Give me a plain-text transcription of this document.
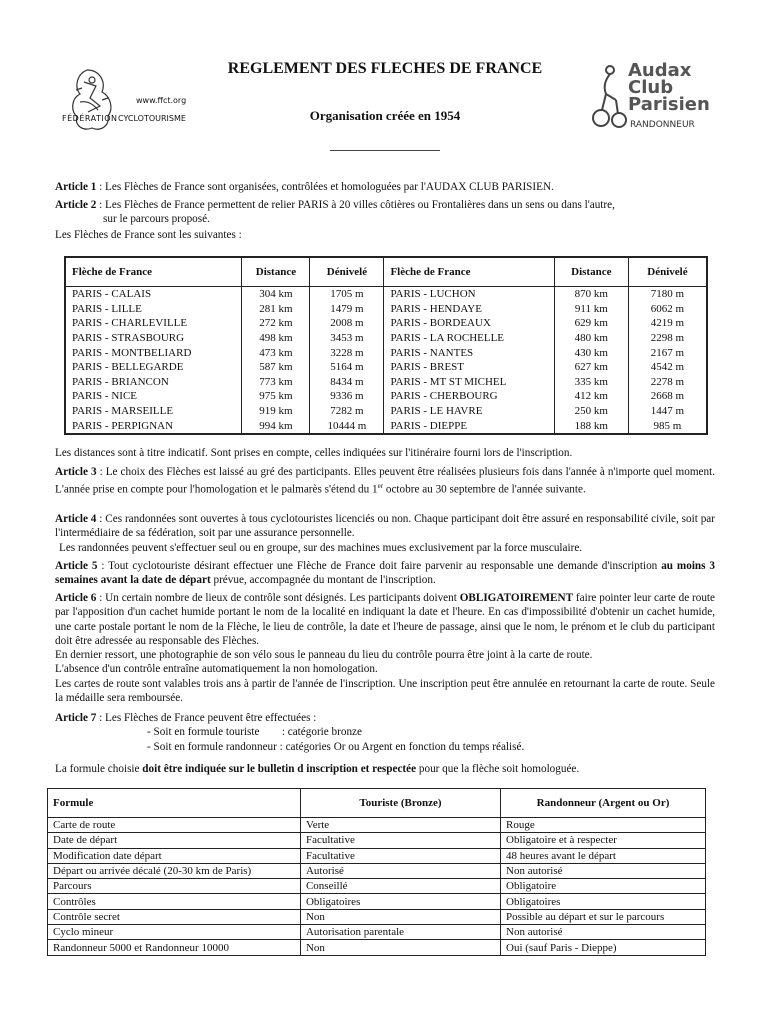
www.ffct.org
FÉDÉRATION CYCLOTOURISME
REGLEMENT DES FLECHES DE FRANCE
Organisation créée en 1954
Audax
Club
Parisien
RANDONNEUR
Article 1 : Les Flèches de France sont organisées, contrôlées et homologuées par l'AUDAX CLUB PARISIEN.
Article 2 : Les Flèches de France permettent de relier PARIS à 20 villes côtières ou Frontalières dans un sens ou dans l'autre,
sur le parcours proposé.
Les Flèches de France sont les suivantes :
Flèche de France	Distance	Dénivelé	Flèche de France	Distance	Dénivelé
PARIS - CALAIS	304 km	1705 m	PARIS - LUCHON	870 km	7180 m
PARIS - LILLE	281 km	1479 m	PARIS - HENDAYE	911 km	6062 m
PARIS - CHARLEVILLE	272 km	2008 m	PARIS - BORDEAUX	629 km	4219 m
PARIS - STRASBOURG	498 km	3453 m	PARIS - LA ROCHELLE	480 km	2298 m
PARIS - MONTBELIARD	473 km	3228 m	PARIS - NANTES	430 km	2167 m
PARIS - BELLEGARDE	587 km	5164 m	PARIS - BREST	627 km	4542 m
PARIS - BRIANCON	773 km	8434 m	PARIS - MT ST MICHEL	335 km	2278 m
PARIS - NICE	975 km	9336 m	PARIS - CHERBOURG	412 km	2668 m
PARIS - MARSEILLE	919 km	7282 m	PARIS - LE HAVRE	250 km	1447 m
PARIS - PERPIGNAN	994 km	10444 m	PARIS - DIEPPE	188 km	985 m
Les distances sont à titre indicatif. Sont prises en compte, celles indiquées sur l'itinéraire fourni lors de l'inscription.
Article 3 : Le choix des Flèches est laissé au gré des participants. Elles peuvent être réalisées plusieurs fois dans l'année à n'importe quel moment. L'année prise en compte pour l'homologation et le palmarès s'étend du 1er octobre au 30 septembre de l'année suivante.
Article 4 : Ces randonnées sont ouvertes à tous cyclotouristes licenciés ou non. Chaque participant doit être assuré en responsabilité civile, soit par l'intermédiaire de sa fédération, soit par une assurance personnelle.
Les randonnées peuvent s'effectuer seul ou en groupe, sur des machines mues exclusivement par la force musculaire.
Article 5 : Tout cyclotouriste désirant effectuer une Flèche de France doit faire parvenir au responsable une demande d'inscription au moins 3 semaines avant la date de départ prévue, accompagnée du montant de l'inscription.
Article 6 : Un certain nombre de lieux de contrôle sont désignés. Les participants doivent OBLIGATOIREMENT faire pointer leur carte de route par l'apposition d'un cachet humide portant le nom de la localité en indiquant la date et l'heure. En cas d'impossibilité d'obtenir un cachet humide, une carte postale portant le nom de la Flèche, le lieu de contrôle, la date et l'heure de passage, ainsi que le nom, le prénom et le club du participant doit être adressée au responsable des Flèches.
En dernier ressort, une photographie de son vélo sous le panneau du lieu du contrôle pourra être joint à la carte de route.
L'absence d'un contrôle entraîne automatiquement la non homologation.
Les cartes de route sont valables trois ans à partir de l'année de l'inscription. Une inscription peut être annulée en retournant la carte de route. Seule la médaille sera remboursée.
Article 7 : Les Flèches de France peuvent être effectuées :
- Soit en formule touriste        : catégorie bronze
- Soit en formule randonneur : catégories Or ou Argent en fonction du temps réalisé.
La formule choisie doit être indiquée sur le bulletin d inscription et respectée pour que la flèche soit homologuée.
Formule	Touriste (Bronze)	Randonneur (Argent ou Or)
Carte de route	Verte	Rouge
Date de départ	Facultative	Obligatoire et à respecter
Modification date départ	Facultative	48 heures avant le départ
Départ ou arrivée décalé (20-30 km de Paris)	Autorisé	Non autorisé
Parcours	Conseillé	Obligatoire
Contrôles	Obligatoires	Obligatoires
Contrôle secret	Non	Possible au départ et sur le parcours
Cyclo mineur	Autorisation parentale	Non autorisé
Randonneur 5000 et Randonneur 10000	Non	Oui (sauf Paris - Dieppe)
